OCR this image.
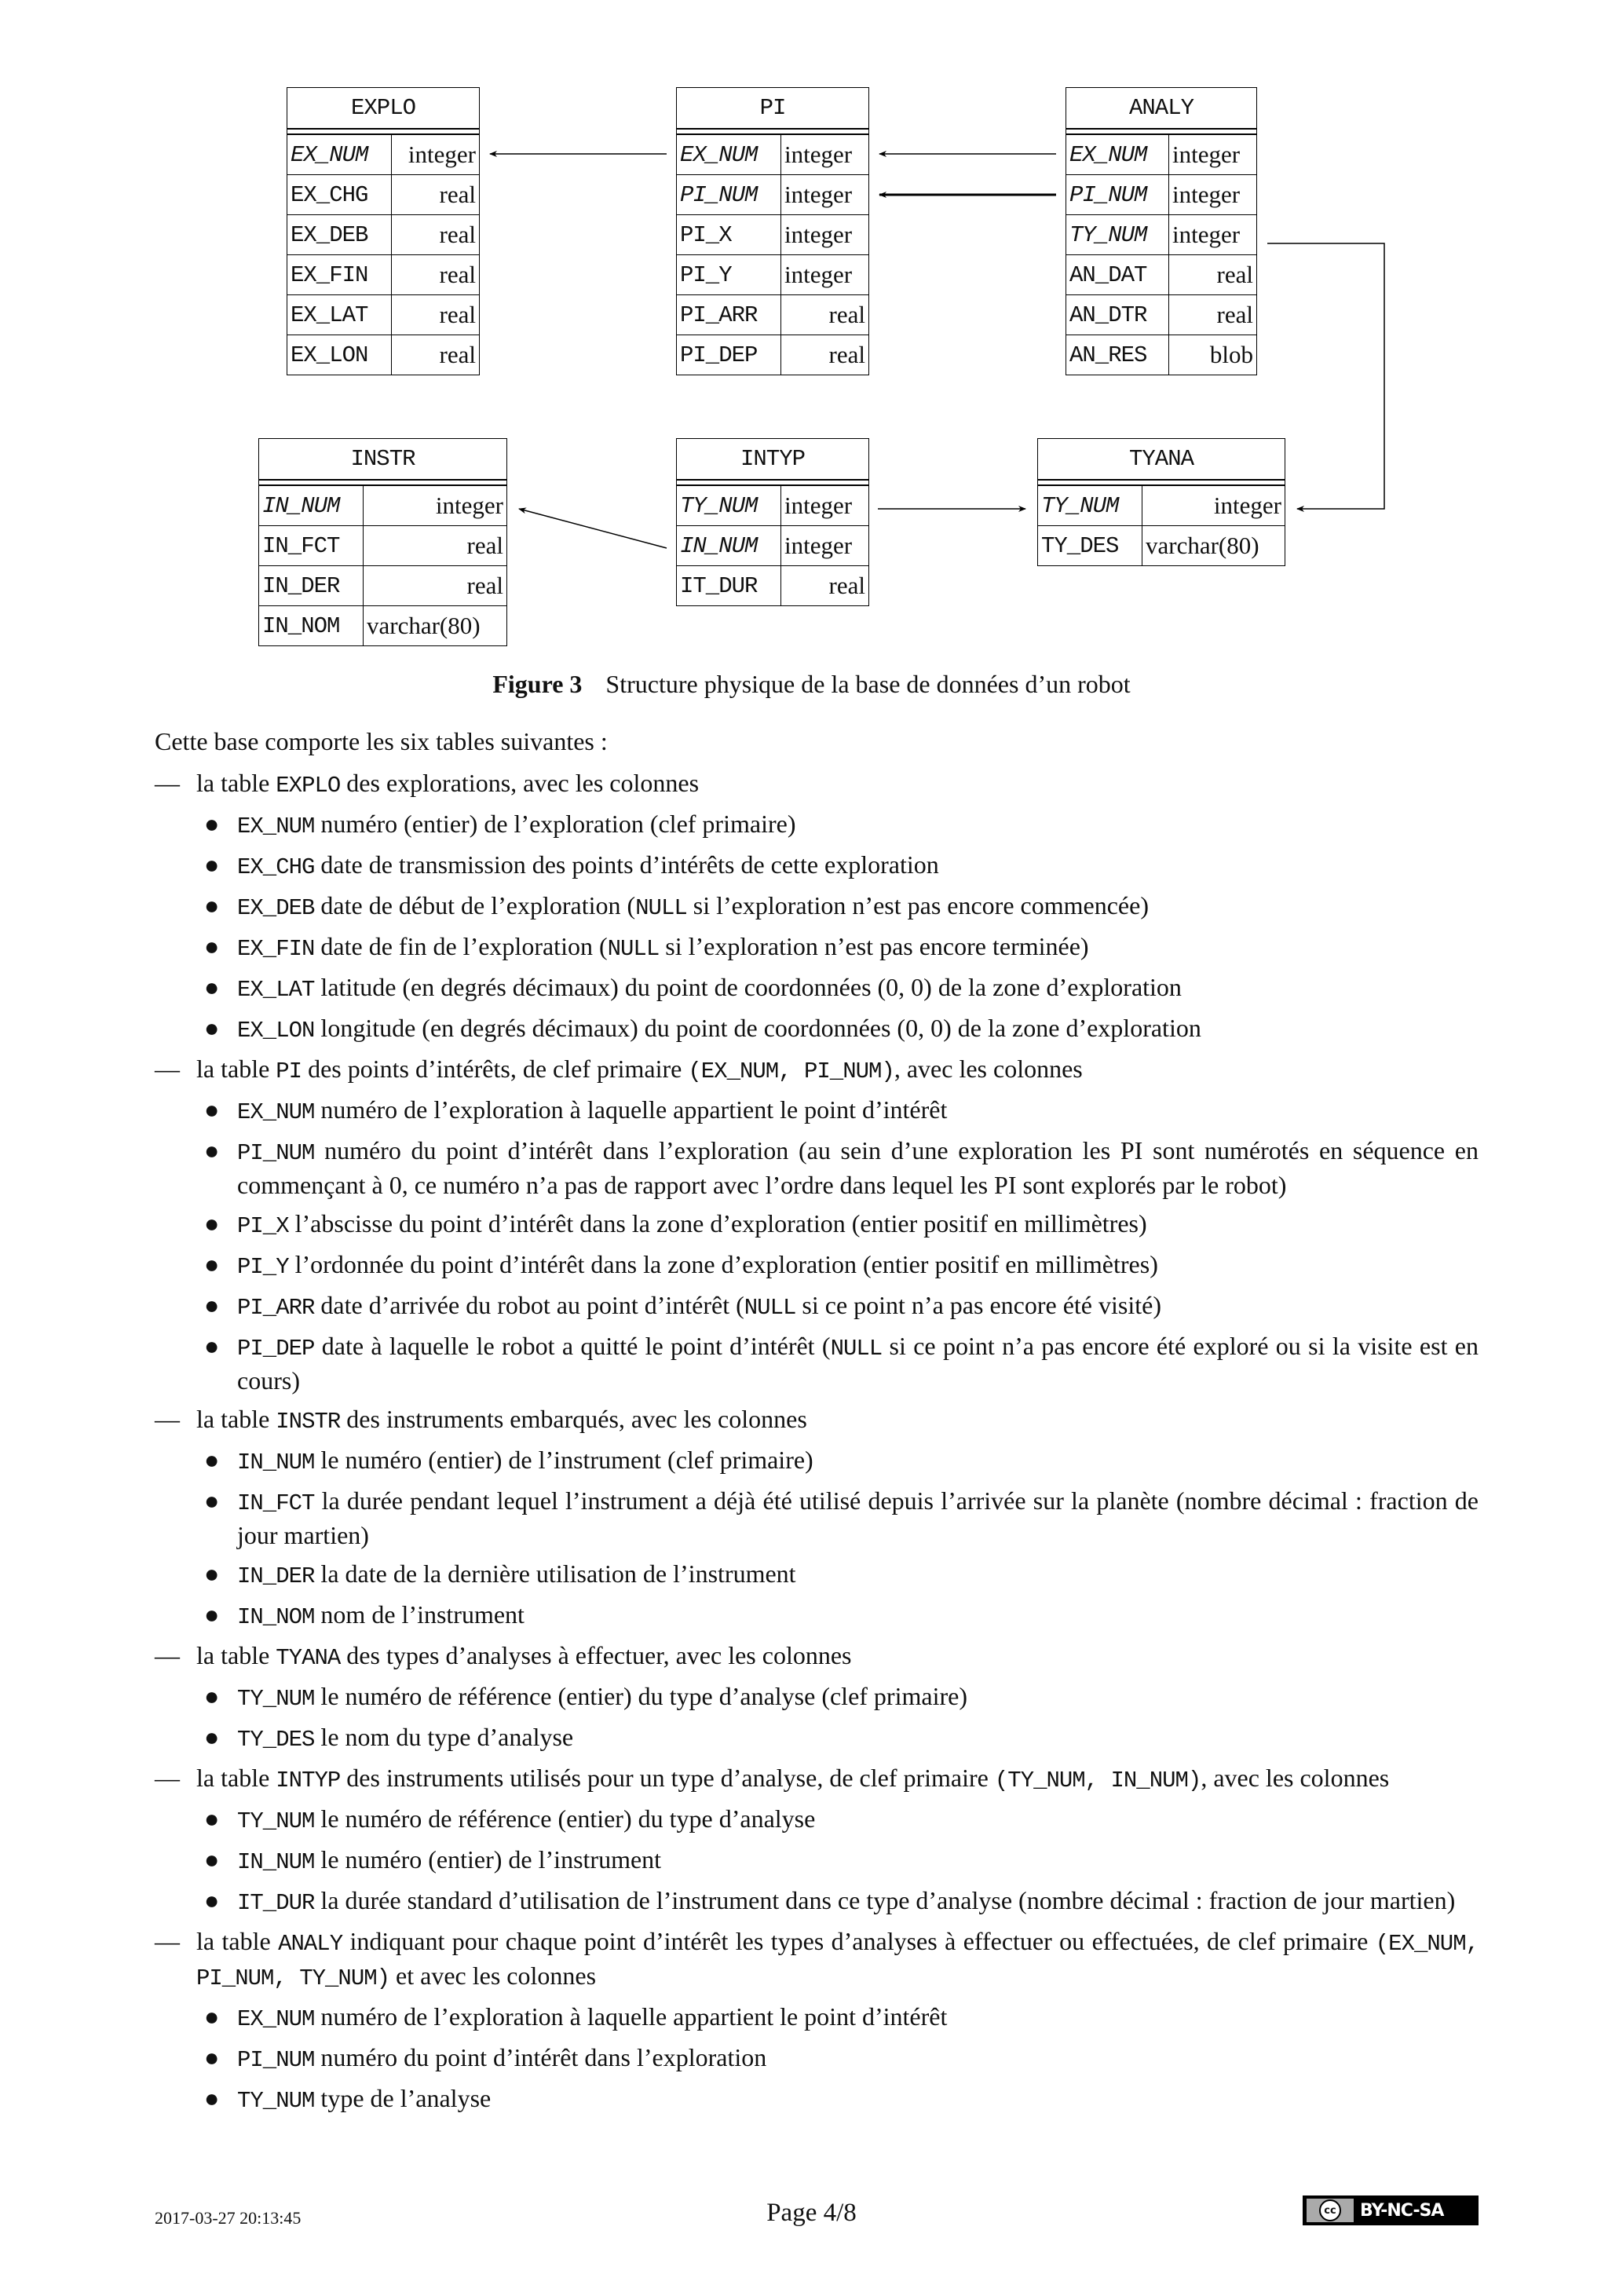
EXPLO	

EX_NUM	integer
EX_CHG	real
EX_DEB	real
EX_FIN	real
EX_LAT	real
EX_LON	real
PI	

EX_NUM	integer
PI_NUM	integer
PI_X	integer
PI_Y	integer
PI_ARR	real
PI_DEP	real
ANALY	

EX_NUM	integer
PI_NUM	integer
TY_NUM	integer
AN_DAT	real
AN_DTR	real
AN_RES	blob
INSTR	

IN_NUM	integer
IN_FCT	real
IN_DER	real
IN_NOM	varchar(80)
INTYP	

TY_NUM	integer
IN_NUM	integer
IT_DUR	real
TYANA	

TY_NUM	integer
TY_DES	varchar(80)
Figure 3 Structure physique de la base de données d’un robot
Cette base comporte les six tables suivantes :
— la table EXPLO des explorations, avec les colonnes
● EX_NUM numéro (entier) de l’exploration (clef primaire)
● EX_CHG date de transmission des points d’intérêts de cette exploration
● EX_DEB date de début de l’exploration (NULL si l’exploration n’est pas encore commencée)
● EX_FIN date de fin de l’exploration (NULL si l’exploration n’est pas encore terminée)
● EX_LAT latitude (en degrés décimaux) du point de coordonnées (0, 0) de la zone d’exploration
● EX_LON longitude (en degrés décimaux) du point de coordonnées (0, 0) de la zone d’exploration
— la table PI des points d’intérêts, de clef primaire (EX_NUM, PI_NUM), avec les colonnes
● EX_NUM numéro de l’exploration à laquelle appartient le point d’intérêt
● PI_NUM numéro du point d’intérêt dans l’exploration (au sein d’une exploration les PI sont numérotés en séquence en commençant à 0, ce numéro n’a pas de rapport avec l’ordre dans lequel les PI sont explorés par le robot)
● PI_X l’abscisse du point d’intérêt dans la zone d’exploration (entier positif en millimètres)
● PI_Y l’ordonnée du point d’intérêt dans la zone d’exploration (entier positif en millimètres)
● PI_ARR date d’arrivée du robot au point d’intérêt (NULL si ce point n’a pas encore été visité)
● PI_DEP date à laquelle le robot a quitté le point d’intérêt (NULL si ce point n’a pas encore été exploré ou si la visite est en cours)
— la table INSTR des instruments embarqués, avec les colonnes
● IN_NUM le numéro (entier) de l’instrument (clef primaire)
● IN_FCT la durée pendant lequel l’instrument a déjà été utilisé depuis l’arrivée sur la planète (nombre décimal : fraction de jour martien)
● IN_DER la date de la dernière utilisation de l’instrument
● IN_NOM nom de l’instrument
— la table TYANA des types d’analyses à effectuer, avec les colonnes
● TY_NUM le numéro de référence (entier) du type d’analyse (clef primaire)
● TY_DES le nom du type d’analyse
— la table INTYP des instruments utilisés pour un type d’analyse, de clef primaire (TY_NUM, IN_NUM), avec les colonnes
● TY_NUM le numéro de référence (entier) du type d’analyse
● IN_NUM le numéro (entier) de l’instrument
● IT_DUR la durée standard d’utilisation de l’instrument dans ce type d’analyse (nombre décimal : fraction de jour martien)
— la table ANALY indiquant pour chaque point d’intérêt les types d’analyses à effectuer ou effectuées, de clef primaire (EX_NUM, PI_NUM, TY_NUM) et avec les colonnes
● EX_NUM numéro de l’exploration à laquelle appartient le point d’intérêt
● PI_NUM numéro du point d’intérêt dans l’exploration
● TY_NUM type de l’analyse
2017-03-27 20:13:45	Page 4/8	cc BY-NC-SA
